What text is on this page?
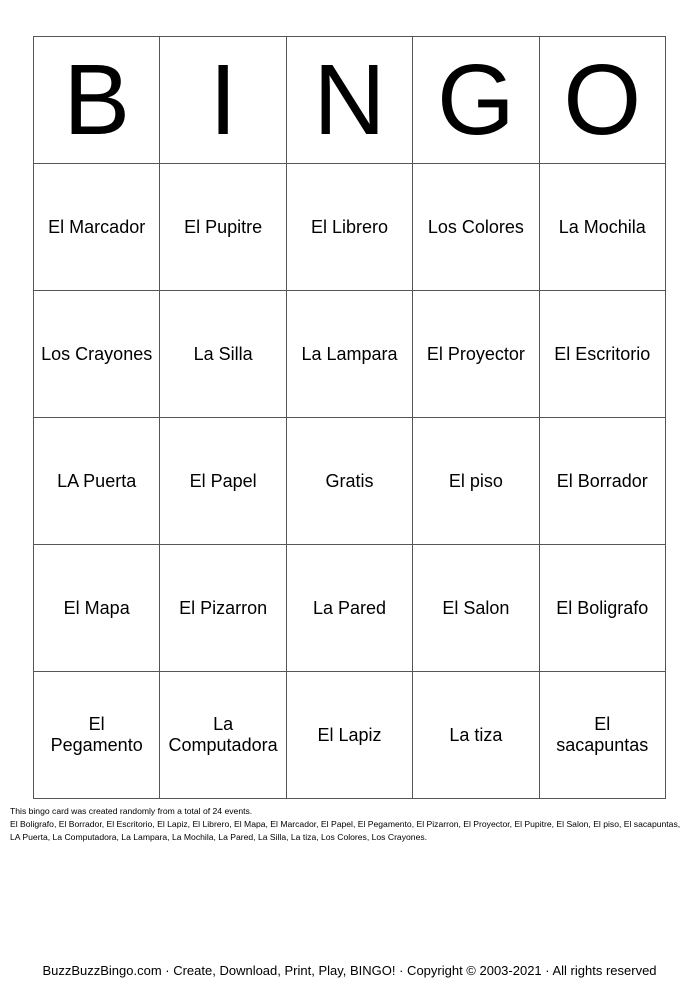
B	I	N	G	O
El Marcador	El Pupitre	El Librero	Los Colores	La Mochila
Los Crayones	La Silla	La Lampara	El Proyector	El Escritorio
LA Puerta	El Papel	Gratis	El piso	El Borrador
El Mapa	El Pizarron	La Pared	El Salon	El Boligrafo
El Pegamento	La Computadora	El Lapiz	La tiza	El sacapuntas

This bingo card was created randomly from a total of 24 events.

El Boligrafo, El Borrador, El Escritorio, El Lapiz, El Librero, El Mapa, El Marcador, El Papel, El Pegamento, El Pizarron, El Proyector, El Pupitre, El Salon, El piso, El sacapuntas, LA Puerta, La Computadora, La Lampara, La Mochila, La Pared, La Silla, La tiza, Los Colores, Los Crayones.

BuzzBuzzBingo.com · Create, Download, Print, Play, BINGO! · Copyright © 2003-2021 · All rights reserved
